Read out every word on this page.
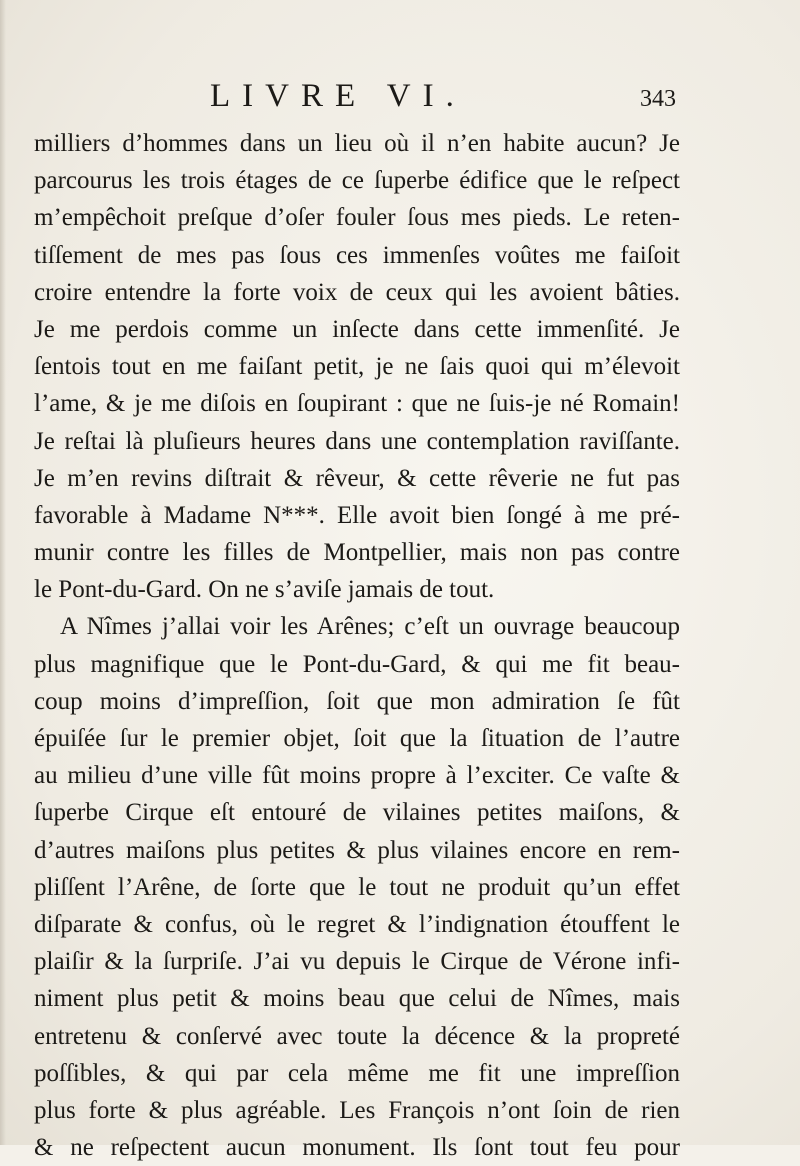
LIVRE VI.	343
milliers d’hommes dans un lieu où il n’en habite aucun? Je
parcourus les trois étages de ce ſuperbe édifice que le reſpect
m’empêchoit preſque d’oſer fouler ſous mes pieds. Le reten-
tiſſement de mes pas ſous ces immenſes voûtes me faiſoit
croire entendre la forte voix de ceux qui les avoient bâties.
Je me perdois comme un inſecte dans cette immenſité. Je
ſentois tout en me faiſant petit, je ne ſais quoi qui m’élevoit
l’ame, & je me diſois en ſoupirant : que ne ſuis-je né Romain!
Je reſtai là pluſieurs heures dans une contemplation raviſſante.
Je m’en revins diſtrait & rêveur, & cette rêverie ne fut pas
favorable à Madame N***. Elle avoit bien ſongé à me pré-
munir contre les filles de Montpellier, mais non pas contre
le Pont-du-Gard. On ne s’aviſe jamais de tout.
A Nîmes j’allai voir les Arênes; c’eſt un ouvrage beaucoup
plus magnifique que le Pont-du-Gard, & qui me fit beau-
coup moins d’impreſſion, ſoit que mon admiration ſe fût
épuiſée ſur le premier objet, ſoit que la ſituation de l’autre
au milieu d’une ville fût moins propre à l’exciter. Ce vaſte &
ſuperbe Cirque eſt entouré de vilaines petites maiſons, &
d’autres maiſons plus petites & plus vilaines encore en rem-
pliſſent l’Arêne, de ſorte que le tout ne produit qu’un effet
diſparate & confus, où le regret & l’indignation étouffent le
plaiſir & la ſurpriſe. J’ai vu depuis le Cirque de Vérone infi-
niment plus petit & moins beau que celui de Nîmes, mais
entretenu & conſervé avec toute la décence & la propreté
poſſibles, & qui par cela même me fit une impreſſion
plus forte & plus agréable. Les François n’ont ſoin de rien
& ne reſpectent aucun monument. Ils ſont tout feu pour
